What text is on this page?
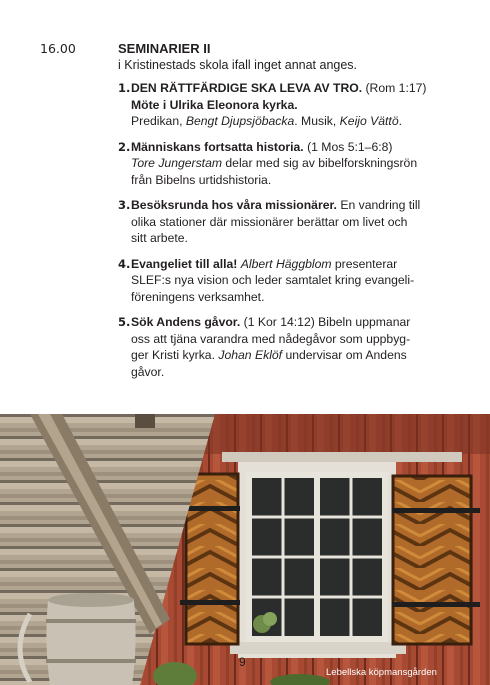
16.00	SEMINARIER II

i Kristinestads skola ifall inget annat anges.

1. DEN RÄTTFÄRDIGE SKA LEVA AV TRO. (Rom 1:17)
Möte i Ulrika Eleonora kyrka.
Predikan, Bengt Djupsjöbacka. Musik, Keijo Vättö.
2. Människans fortsatta historia. (1 Mos 5:1–6:8)
Tore Jungerstam delar med sig av bibelforskningsrön
från Bibelns urtidshistoria.
3. Besöksrunda hos våra missionärer. En vandring till
olika stationer där missionärer berättar om livet och
sitt arbete.
4. Evangeliet till alla! Albert Häggblom presenterar
SLEF:s nya vision och leder samtalet kring evangeli-
föreningens verksamhet.
5. Sök Andens gåvor. (1 Kor 14:12) Bibeln uppmanar
oss att tjäna varandra med nådegåvor som uppbyg-
ger Kristi kyrka. Johan Eklöf undervisar om Andens
gåvor.
9
Lebellska köpmansgården
